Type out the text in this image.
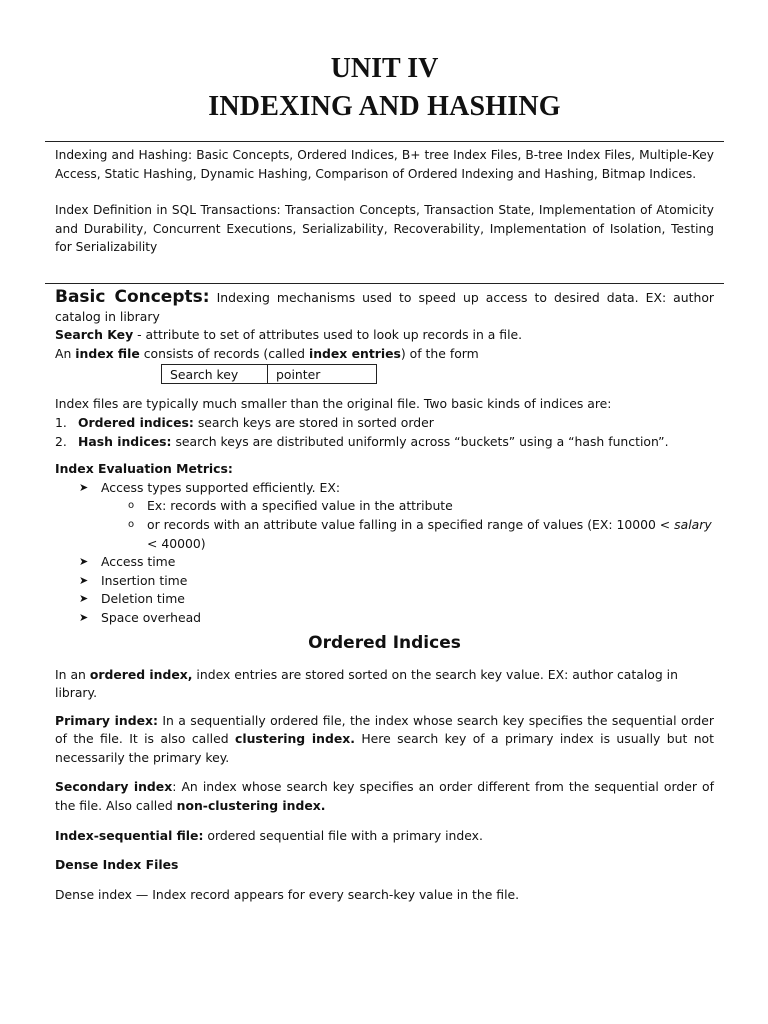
UNIT IV
INDEXING AND HASHING

Indexing and Hashing: Basic Concepts, Ordered Indices, B+ tree Index Files, B-tree Index Files, Multiple-Key Access, Static Hashing, Dynamic Hashing, Comparison of Ordered Indexing and Hashing, Bitmap Indices.

Index Definition in SQL Transactions: Transaction Concepts, Transaction State, Implementation of Atomicity and Durability, Concurrent Executions, Serializability, Recoverability, Implementation of Isolation, Testing for Serializability

Basic Concepts: Indexing mechanisms used to speed up access to desired data. EX: author catalog in library

Search Key - attribute to set of attributes used to look up records in a file.

An index file consists of records (called index entries) of the form

Search key	pointer

Index files are typically much smaller than the original file. Two basic kinds of indices are:

1. Ordered indices: search keys are stored in sorted order
2. Hash indices: search keys are distributed uniformly across “buckets” using a “hash function”.

Index Evaluation Metrics:

➤ Access types supported efficiently. EX:
o Ex: records with a specified value in the attribute
o or records with an attribute value falling in a specified range of values (EX: 10000 < salary < 40000)
➤ Access time
➤ Insertion time
➤ Deletion time
➤ Space overhead
Ordered Indices

In an ordered index, index entries are stored sorted on the search key value. EX: author catalog in library.

Primary index: In a sequentially ordered file, the index whose search key specifies the sequential order of the file. It is also called clustering index. Here search key of a primary index is usually but not necessarily the primary key.

Secondary index: An index whose search key specifies an order different from the sequential order of the file. Also called non-clustering index.

Index-sequential file: ordered sequential file with a primary index.

Dense Index Files

Dense index — Index record appears for every search-key value in the file.
